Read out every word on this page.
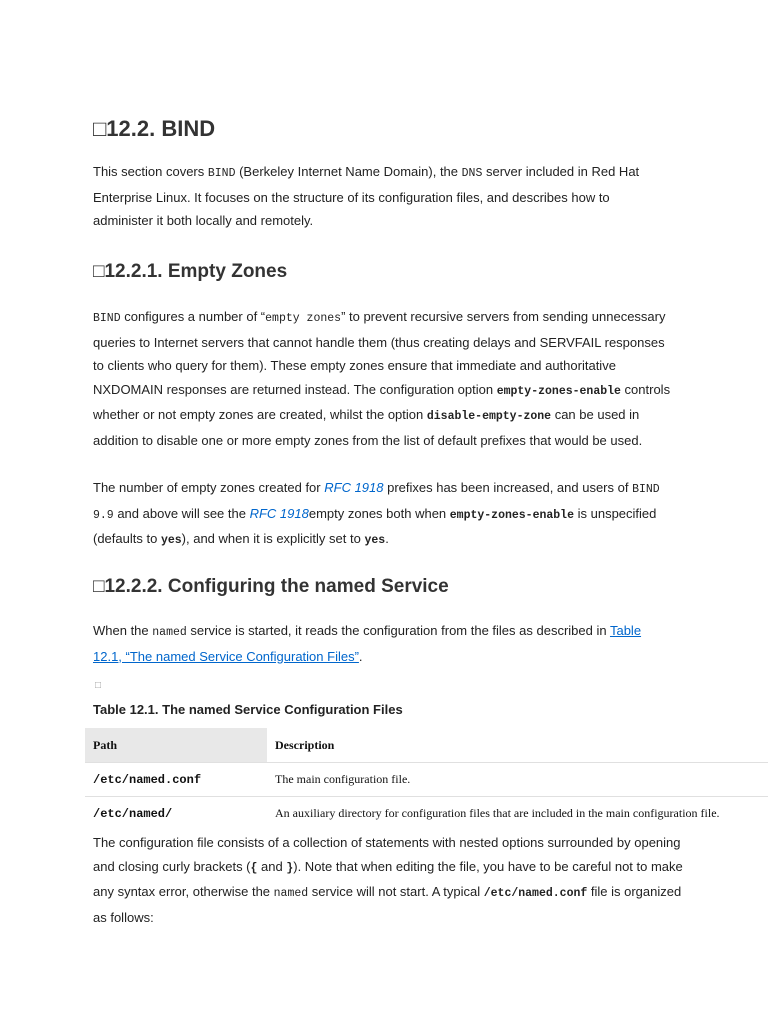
□12.2. BIND
This section covers BIND (Berkeley Internet Name Domain), the DNS server included in Red Hat Enterprise Linux. It focuses on the structure of its configuration files, and describes how to administer it both locally and remotely.
□12.2.1. Empty Zones
BIND configures a number of “empty zones” to prevent recursive servers from sending unnecessary queries to Internet servers that cannot handle them (thus creating delays and SERVFAIL responses to clients who query for them). These empty zones ensure that immediate and authoritative NXDOMAIN responses are returned instead. The configuration option empty-zones-enable controls whether or not empty zones are created, whilst the option disable-empty-zone can be used in addition to disable one or more empty zones from the list of default prefixes that would be used.
The number of empty zones created for RFC 1918 prefixes has been increased, and users of BIND 9.9 and above will see the RFC 1918empty zones both when empty-zones-enable is unspecified (defaults to yes), and when it is explicitly set to yes.
□12.2.2. Configuring the named Service
When the named service is started, it reads the configuration from the files as described in Table 12.1, “The named Service Configuration Files”.
□
Table 12.1. The named Service Configuration Files
Path	Description
/etc/named.conf	The main configuration file.
/etc/named/	An auxiliary directory for configuration files that are included in the main configuration file.
The configuration file consists of a collection of statements with nested options surrounded by opening and closing curly brackets ({ and }). Note that when editing the file, you have to be careful not to make any syntax error, otherwise the named service will not start. A typical /etc/named.conf file is organized as follows:
